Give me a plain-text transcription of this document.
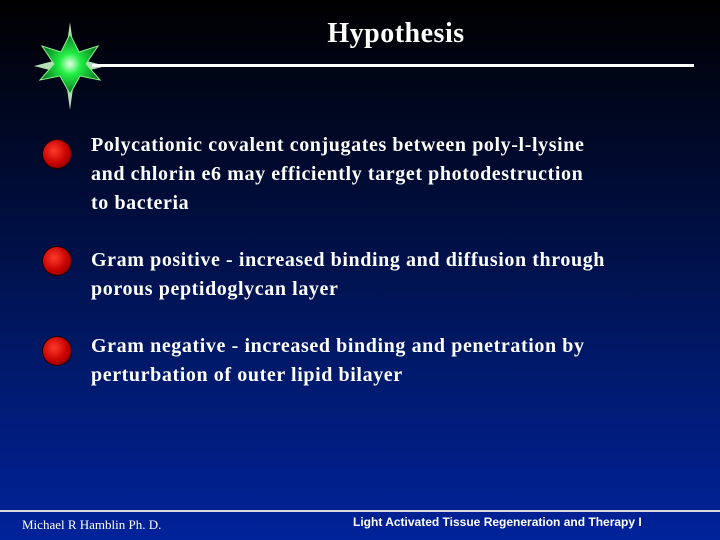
Hypothesis
Polycationic covalent conjugates between poly-l-lysine
and chlorin e6 may efficiently target photodestruction
to bacteria
Gram positive - increased binding and diffusion through
porous peptidoglycan layer
Gram negative - increased binding and penetration by
perturbation of outer lipid bilayer
Michael R Hamblin Ph. D.	Light Activated Tissue Regeneration and Therapy I
